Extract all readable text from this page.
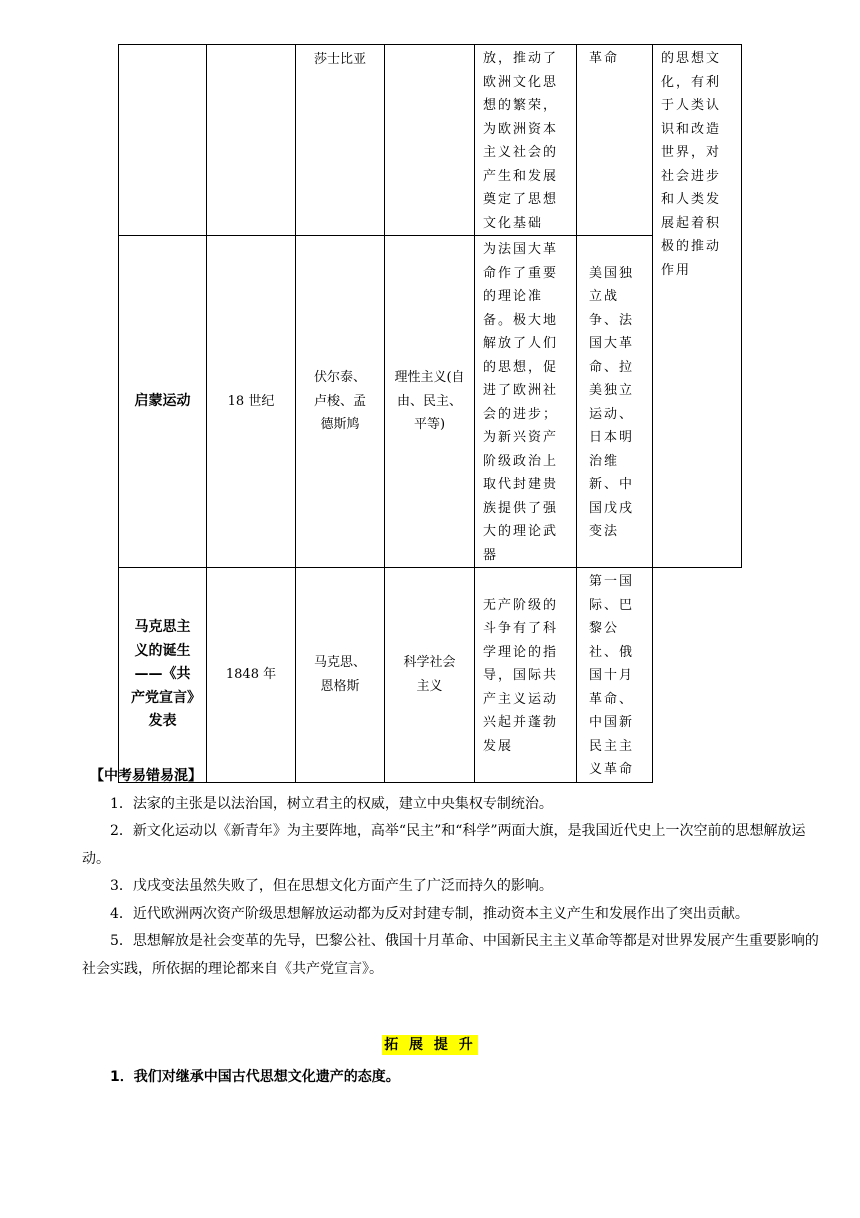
		莎士比亚		放，推动了欧洲文化思想的繁荣，为欧洲资本主义社会的产生和发展奠定了思想文化基础	革命	的思想文化，有利于人类认识和改造世界，对社会进步和人类发展起着积极的推动作用

启蒙运动	18 世纪	伏尔泰、卢梭、孟德斯鸠	理性主义(自由、民主、平等)	为法国大革命作了重要的理论准备。极大地解放了人们的思想，促进了欧洲社会的进步；为新兴资产阶级政治上取代封建贵族提供了强大的理论武器	美国独立战争、法国大革命、拉美独立运动、日本明治维新、中国戊戌变法	

马克思主义的诞生——《共产党宣言》发表	1848 年	马克思、恩格斯	科学社会主义	无产阶级的斗争有了科学理论的指导，国际共产主义运动兴起并蓬勃发展	第一国际、巴黎公社、俄国十月革命、中国新民主主义革命	

【中考易错易混】

1．法家的主张是以法治国，树立君主的权威，建立中央集权专制统治。

2．新文化运动以《新青年》为主要阵地，高举“民主”和“科学”两面大旗，是我国近代史上一次空前的思想解放运动。

3．戊戌变法虽然失败了，但在思想文化方面产生了广泛而持久的影响。

4．近代欧洲两次资产阶级思想解放运动都为反对封建专制，推动资本主义产生和发展作出了突出贡献。

5．思想解放是社会变革的先导，巴黎公社、俄国十月革命、中国新民主主义革命等都是对世界发展产生重要影响的社会实践，所依据的理论都来自《共产党宣言》。

拓 展 提 升
1．我们对继承中国古代思想文化遗产的态度。
